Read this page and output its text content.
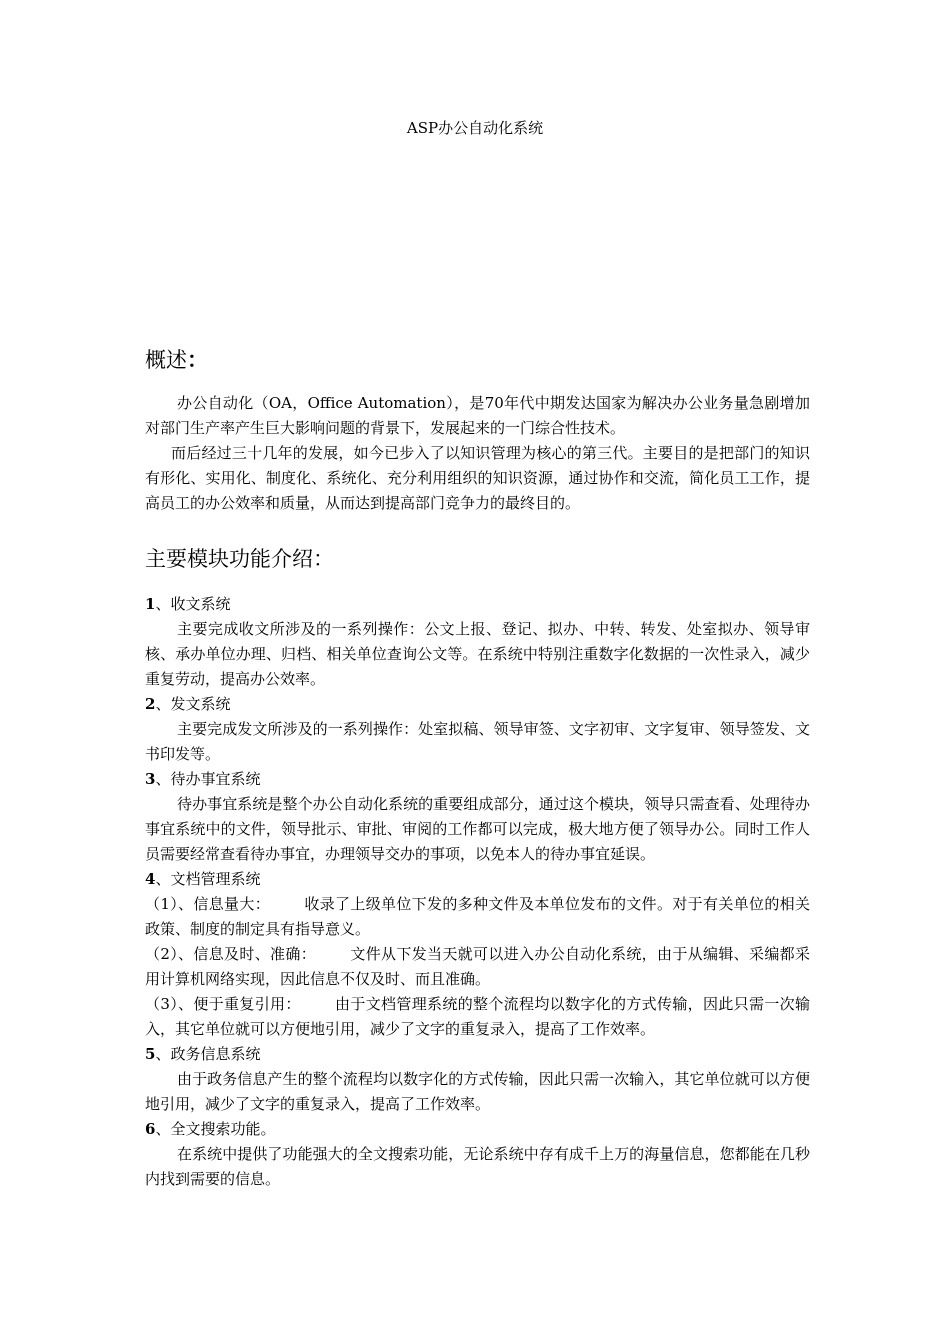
ASP办公自动化系统
概述：

办公自动化（OA，Office Automation），是70年代中期发达国家为解决办公业务量急剧增加对部门生产率产生巨大影响问题的背景下，发展起来的一门综合性技术。

而后经过三十几年的发展，如今已步入了以知识管理为核心的第三代。主要目的是把部门的知识有形化、实用化、制度化、系统化、充分利用组织的知识资源，通过协作和交流，简化员工工作，提高员工的办公效率和质量，从而达到提高部门竞争力的最终目的。

主要模块功能介绍：

1、收文系统

主要完成收文所涉及的一系列操作：公文上报、登记、拟办、中转、转发、处室拟办、领导审核、承办单位办理、归档、相关单位查询公文等。在系统中特别注重数字化数据的一次性录入，减少重复劳动，提高办公效率。

2、发文系统

主要完成发文所涉及的一系列操作：处室拟稿、领导审签、文字初审、文字复审、领导签发、文书印发等。

3、待办事宜系统

待办事宜系统是整个办公自动化系统的重要组成部分，通过这个模块，领导只需查看、处理待办事宜系统中的文件，领导批示、审批、审阅的工作都可以完成，极大地方便了领导办公。同时工作人员需要经常查看待办事宜，办理领导交办的事项，以免本人的待办事宜延误。

4、文档管理系统

（1）、信息量大： 收录了上级单位下发的多种文件及本单位发布的文件。对于有关单位的相关政策、制度的制定具有指导意义。

（2）、信息及时、准确： 文件从下发当天就可以进入办公自动化系统，由于从编辑、采编都采用计算机网络实现，因此信息不仅及时、而且准确。

（3）、便于重复引用： 由于文档管理系统的整个流程均以数字化的方式传输，因此只需一次输入，其它单位就可以方便地引用，减少了文字的重复录入，提高了工作效率。

5、政务信息系统

由于政务信息产生的整个流程均以数字化的方式传输，因此只需一次输入，其它单位就可以方便地引用，减少了文字的重复录入，提高了工作效率。

6、全文搜索功能。

在系统中提供了功能强大的全文搜索功能，无论系统中存有成千上万的海量信息，您都能在几秒内找到需要的信息。
